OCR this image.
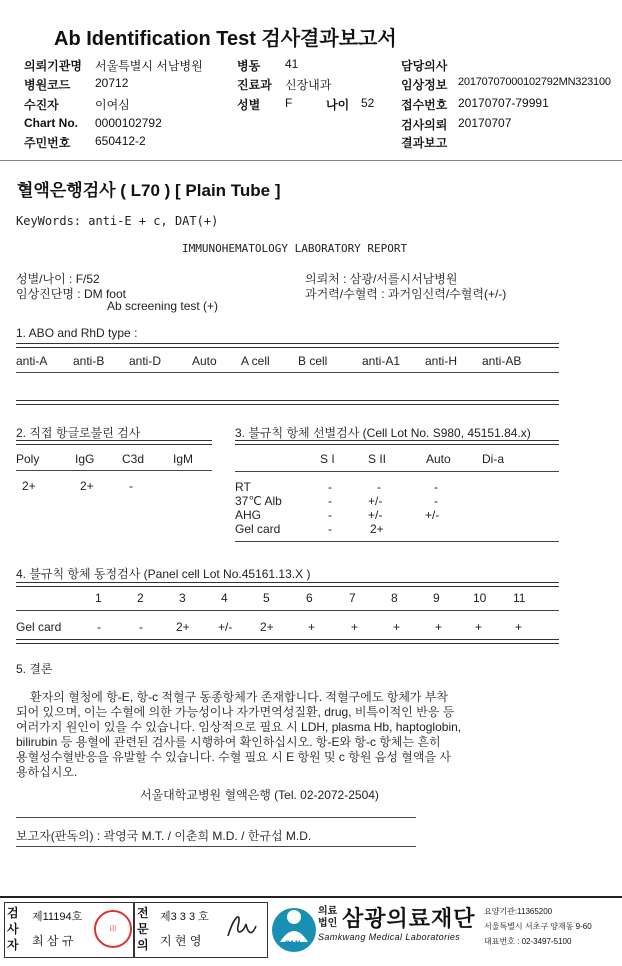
Ab Identification Test 검사결과보고서
의뢰기관명 서울특별시 서남병원
병원코드 20712
수진자	이여심
Chart No. 0000102792
주민번호 650412-2
병동 41
진료과 신장내과
성별 F	나이 52
담당의사
임상정보 20170707000102792MN323100
접수번호 20170707-79991
검사의뢰 20170707
결과보고
혈액은행검사 ( L70 ) [ Plain Tube ]
KeyWords: anti-E + c, DAT(+)
IMMUNOHEMATOLOGY LABORATORY REPORT
성별/나이 : F/52
임상진단명 : DM foot
Ab screening test (+)
의뢰처 : 삼광/서를시서남병원
과거력/수혈력 : 과거임신력/수혈력(+/-)
1. ABO and RhD type :
anti-A anti-B anti-D	Auto A cell B cell	anti-A1 anti-H anti-AB
2. 직접 항글로불린 검사
Poly	IgG C3d IgM
2+	2+	-
3. 불규칙 항체 선별검사 (Cell Lot No. S980, 45151.84.x)
S I	S II	Auto	Di-a
RT	-	-	-
37℃ Alb	-	+/-	-
AHG	-	+/-	+/-
Gel card	-	2+
4. 불규칙 항체 동정검사 (Panel cell Lot No.45161.13.X )
1	2	3	4	5	6	7	8	9	10 11
Gel card	-	-	2+ +/- 2+	+	+	+	+	+	+
5. 결론
환자의 혈청에 항-E, 항-c 적혈구 동종항체가 존재합니다. 적혈구에도 항체가 부착
되어 있으며, 이는 수혈에 의한 가능성이나 자가면역성질환, drug, 비특이적인 반응 등
여러가지 원인이 있을 수 있습니다. 임상적으로 필요 시 LDH, plasma Hb, haptoglobin,
bilirubin 등 용혈에 관련된 검사를 시행하여 확인하십시오. 항-E와 항-c 항체는 흔히
용혈성수혈반응을 유발할 수 있습니다. 수혈 필요 시 E 항원 및 c 항원 음성 혈액을 사
용하십시오.
서울대학교병원 혈액은행 (Tel. 02-2072-2504)
보고자(판독의) : 곽영국 M.T. / 이춘희 M.D. / 한규섭 M.D.
검사자
제11194호
최 삼 규
印
전문의
제3 3 3 호
지 현 영	SML
의료
법인 삼광의료재단
Samkwang Medical Laboratories
요양기관:11365200
서울특별시 서초구 양재동 9-60
대표번호 : 02-3497-5100
